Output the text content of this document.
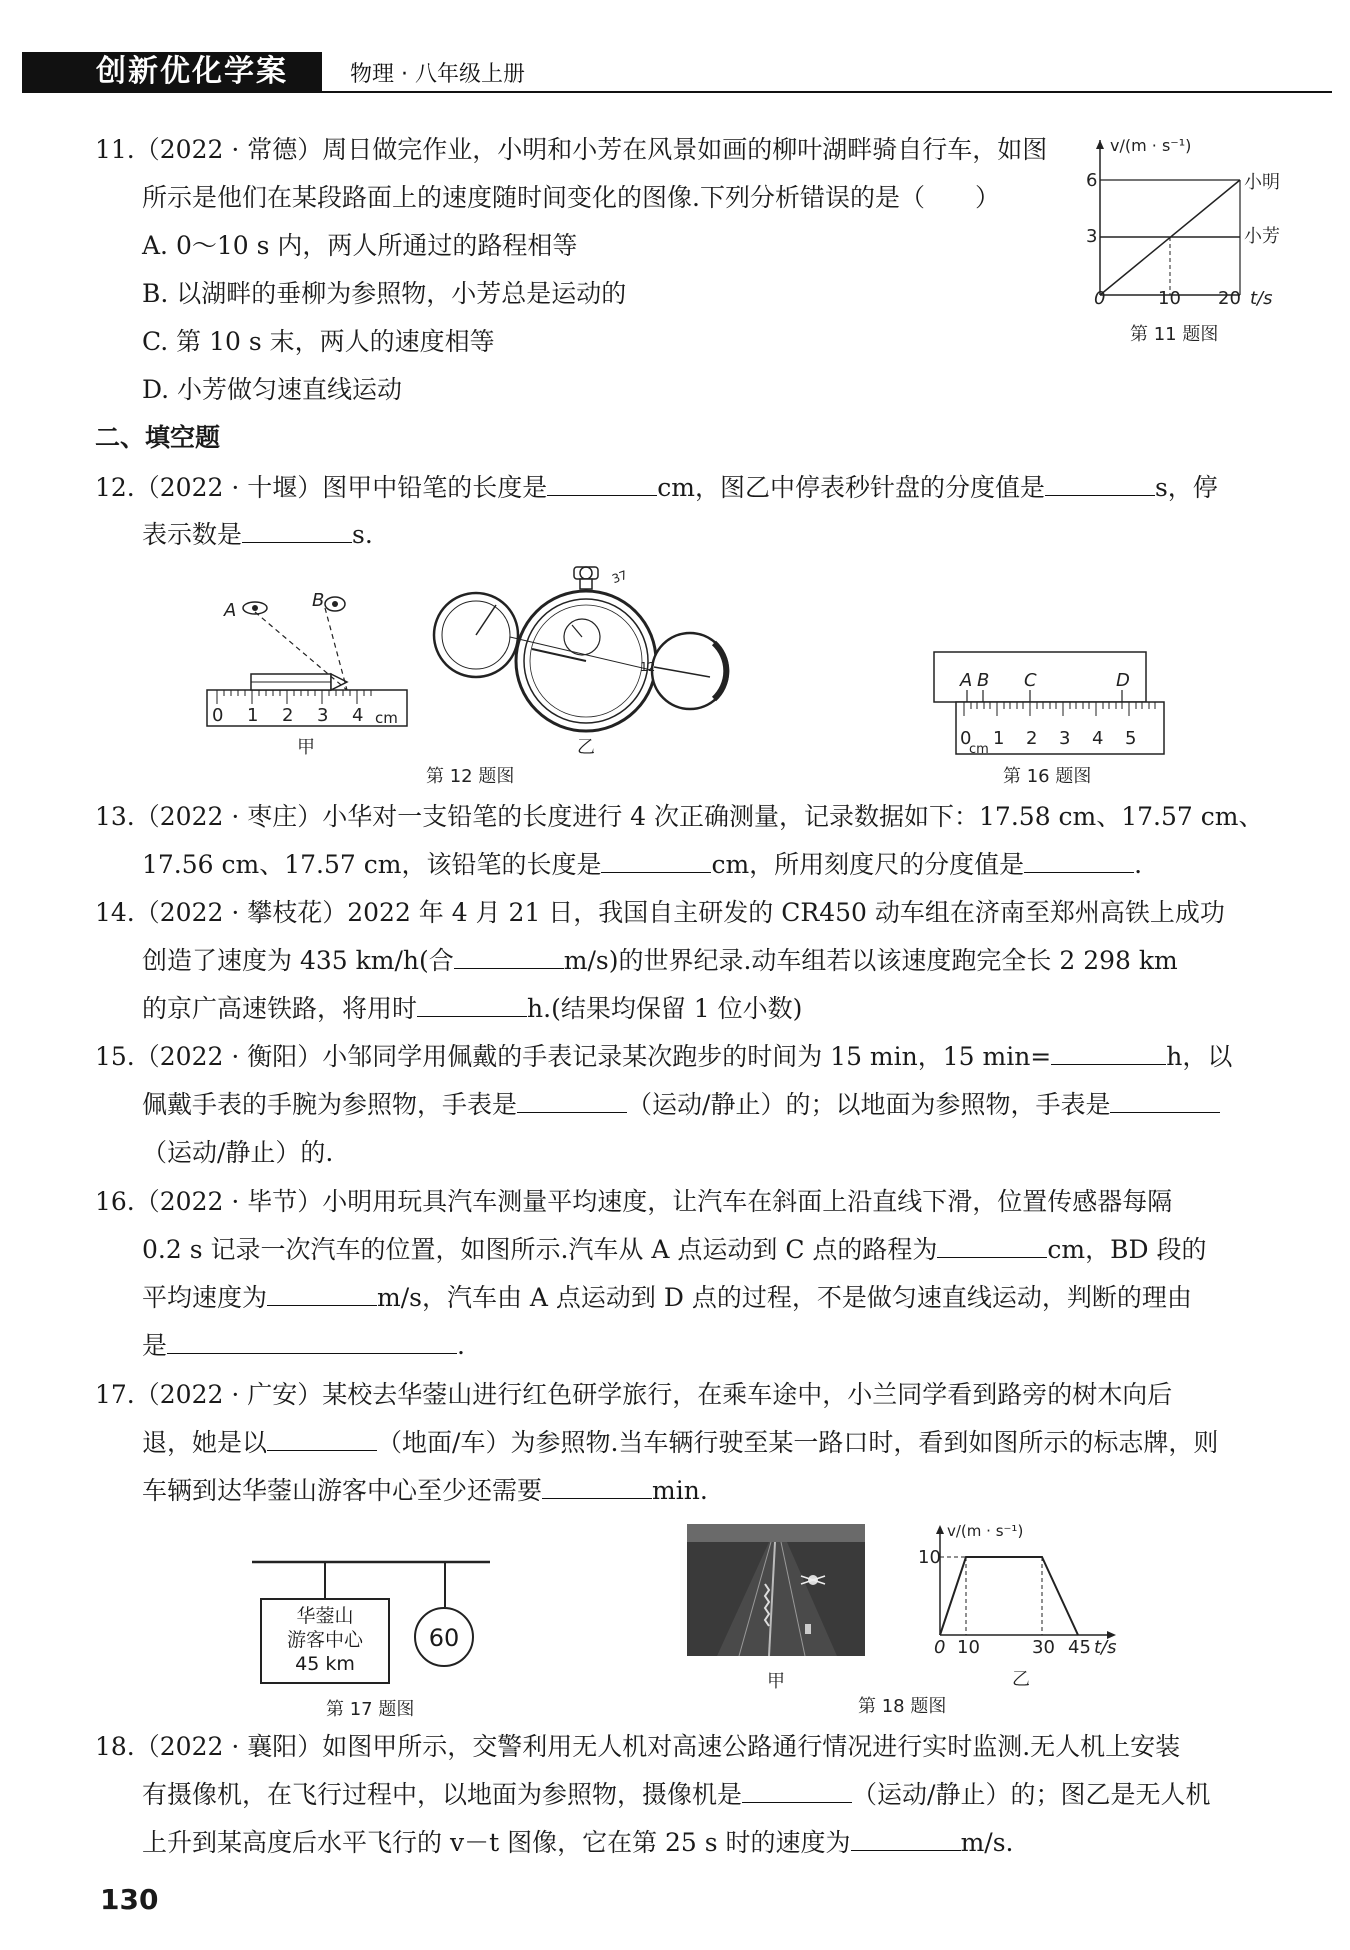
创新优化学案	物理 · 八年级上册
11.（2022 · 常德）周日做完作业，小明和小芳在风景如画的柳叶湖畔骑自行车，如图
所示是他们在某段路面上的速度随时间变化的图像.下列分析错误的是（　　）
A. 0～10 s 内，两人所通过的路程相等
B. 以湖畔的垂柳为参照物，小芳总是运动的
C. 第 10 s 末，两人的速度相等
D. 小芳做匀速直线运动
v/(m · s⁻¹)
6
3
0	10 20 t/s
小明
小芳
第 11 题图
二、填空题
12.（2022 · 十堰）图甲中铅笔的长度是	cm，图乙中停表秒针盘的分度值是	s，停
表示数是	s.
A	B
0 1 2 3 4 cm
甲
37
12
乙
第 12 题图
A B C	D
0
cm
1 2 3 4 5
第 16 题图
13.（2022 · 枣庄）小华对一支铅笔的长度进行 4 次正确测量，记录数据如下：17.58 cm、17.57 cm、
17.56 cm、17.57 cm，该铅笔的长度是	cm，所用刻度尺的分度值是	.
14.（2022 · 攀枝花）2022 年 4 月 21 日，我国自主研发的 CR450 动车组在济南至郑州高铁上成功
创造了速度为 435 km/h(合	m/s)的世界纪录.动车组若以该速度跑完全长 2 298 km
的京广高速铁路，将用时	h.(结果均保留 1 位小数)
15.（2022 · 衡阳）小邹同学用佩戴的手表记录某次跑步的时间为 15 min，15 min=	h，以
佩戴手表的手腕为参照物，手表是	（运动/静止）的；以地面为参照物，手表是
（运动/静止）的.
16.（2022 · 毕节）小明用玩具汽车测量平均速度，让汽车在斜面上沿直线下滑，位置传感器每隔
0.2 s 记录一次汽车的位置，如图所示.汽车从 A 点运动到 C 点的路程为	cm，BD 段的
平均速度为	m/s，汽车由 A 点运动到 D 点的过程，不是做匀速直线运动，判断的理由
是	.
17.（2022 · 广安）某校去华蓥山进行红色研学旅行，在乘车途中，小兰同学看到路旁的树木向后
退，她是以	（地面/车）为参照物.当车辆行驶至某一路口时，看到如图所示的标志牌，则
车辆到达华蓥山游客中心至少还需要	min.
华蓥山
游客中心
45 km
60
第 17 题图
甲
v/(m · s⁻¹)
10
0 10	30 45 t/s
乙
第 18 题图
18.（2022 · 襄阳）如图甲所示，交警利用无人机对高速公路通行情况进行实时监测.无人机上安装
有摄像机，在飞行过程中，以地面为参照物，摄像机是	（运动/静止）的；图乙是无人机
上升到某高度后水平飞行的 v－t 图像，它在第 25 s 时的速度为	m/s.
130
